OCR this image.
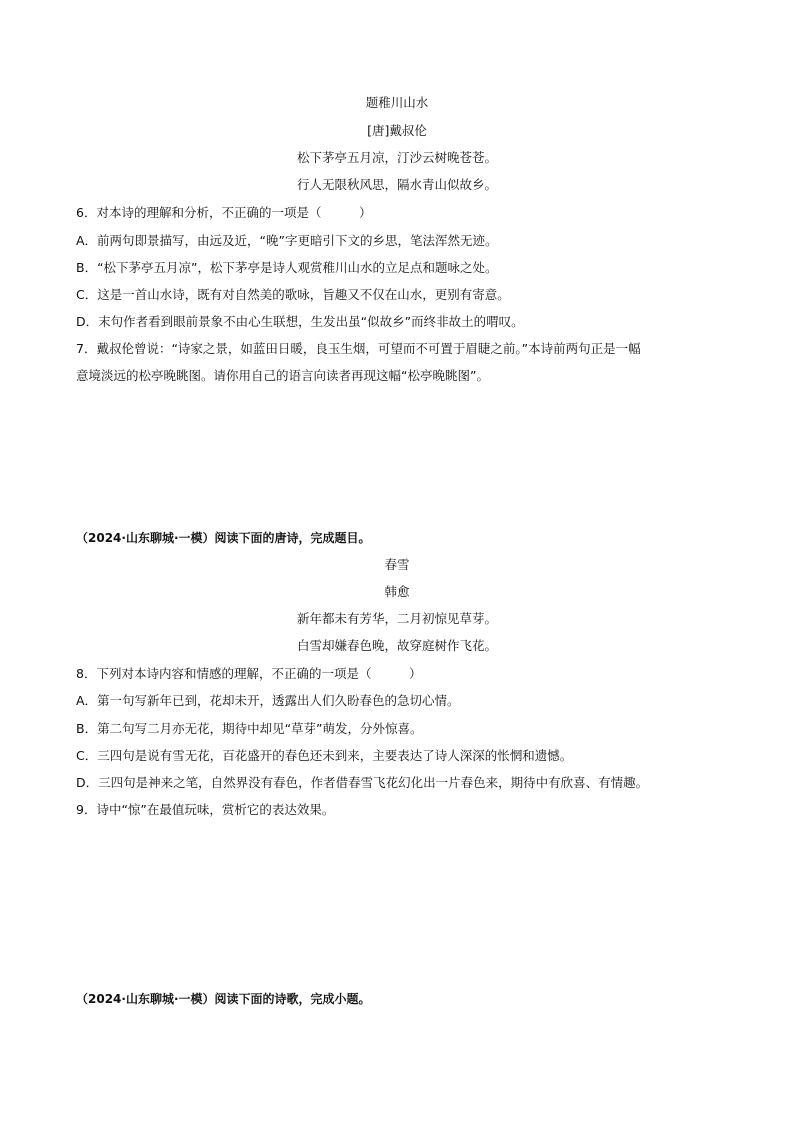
题稚川山水
[唐]戴叔伦
松下茅亭五月凉，汀沙云树晚苍苍。
行人无限秋风思，隔水青山似故乡。
6．对本诗的理解和分析，不正确的一项是（　　　）
A．前两句即景描写，由远及近，“晚”字更暗引下文的乡思，笔法浑然无迹。
B．“松下茅亭五月凉”，松下茅亭是诗人观赏稚川山水的立足点和题咏之处。
C．这是一首山水诗，既有对自然美的歌咏，旨趣又不仅在山水，更别有寄意。
D．末句作者看到眼前景象不由心生联想，生发出虽“似故乡”而终非故土的喟叹。
7．戴叔伦曾说：“诗家之景，如蓝田日暖，良玉生烟，可望而不可置于眉睫之前。”本诗前两句正是一幅
意境淡远的松亭晚眺图。请你用自己的语言向读者再现这幅“松亭晚眺图”。
（2024·山东聊城·一模）阅读下面的唐诗，完成题目。
春雪
韩愈
新年都未有芳华，二月初惊见草芽。
白雪却嫌春色晚，故穿庭树作飞花。
8．下列对本诗内容和情感的理解，不正确的一项是（　　　）
A．第一句写新年已到，花却未开，透露出人们久盼春色的急切心情。
B．第二句写二月亦无花，期待中却见“草芽”萌发，分外惊喜。
C．三四句是说有雪无花，百花盛开的春色还未到来，主要表达了诗人深深的怅惘和遗憾。
D．三四句是神来之笔，自然界没有春色，作者借春雪飞花幻化出一片春色来，期待中有欣喜、有情趣。
9．诗中“惊”在最值玩味，赏析它的表达效果。
（2024·山东聊城·一模）阅读下面的诗歌，完成小题。
